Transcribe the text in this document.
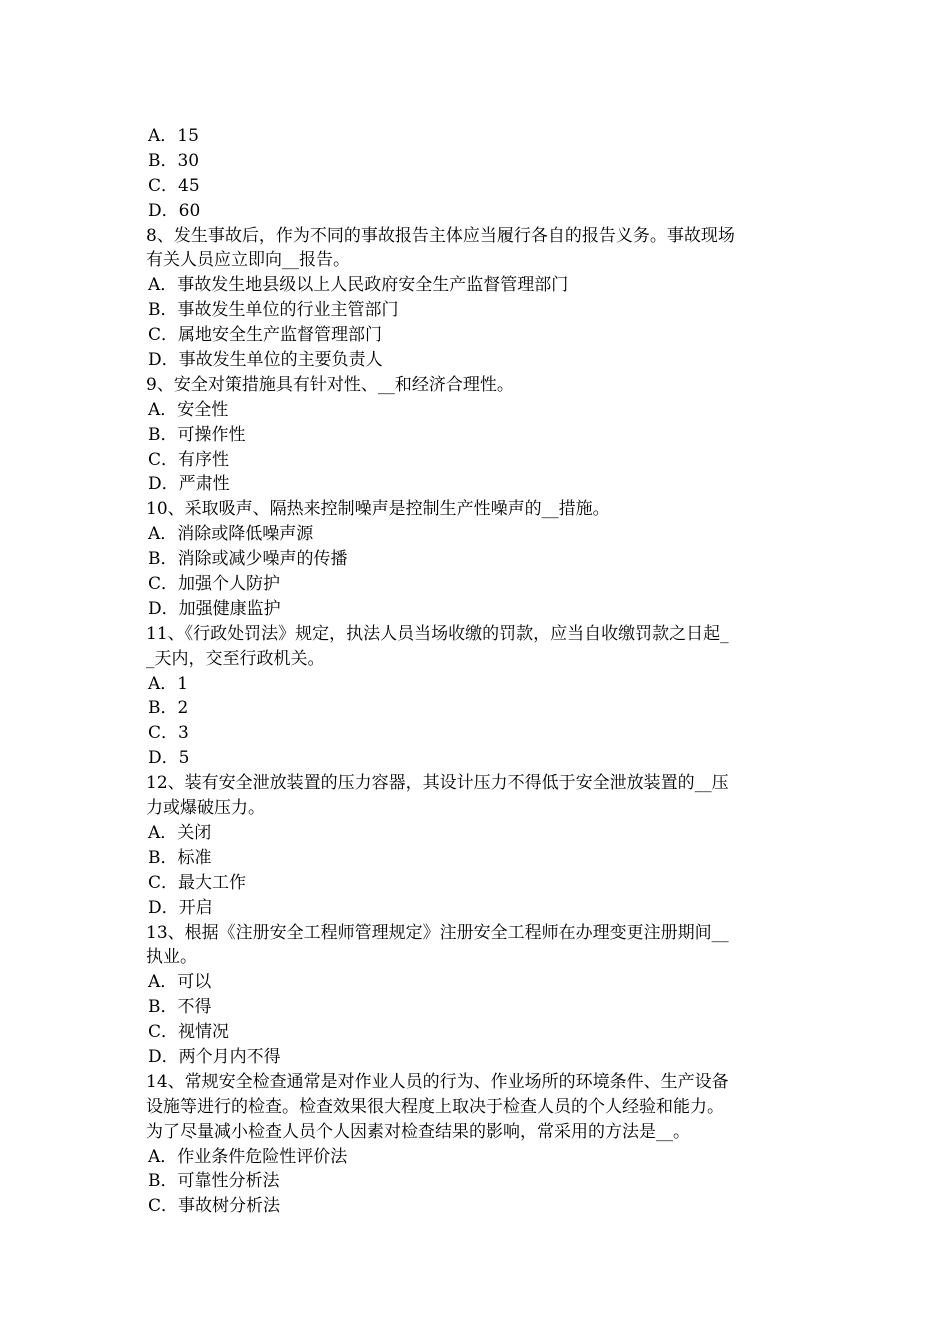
A．15
B．30
C．45
D．60
8、发生事故后，作为不同的事故报告主体应当履行各自的报告义务。事故现场
有关人员应立即向__报告。
A．事故发生地县级以上人民政府安全生产监督管理部门
B．事故发生单位的行业主管部门
C．属地安全生产监督管理部门
D．事故发生单位的主要负责人
9、安全对策措施具有针对性、__和经济合理性。
A．安全性
B．可操作性
C．有序性
D．严肃性
10、采取吸声、隔热来控制噪声是控制生产性噪声的__措施。
A．消除或降低噪声源
B．消除或减少噪声的传播
C．加强个人防护
D．加强健康监护
11、《行政处罚法》规定，执法人员当场收缴的罚款，应当自收缴罚款之日起_
_天内，交至行政机关。
A．1
B．2
C．3
D．5
12、装有安全泄放装置的压力容器，其设计压力不得低于安全泄放装置的__压
力或爆破压力。
A．关闭
B．标准
C．最大工作
D．开启
13、根据《注册安全工程师管理规定》注册安全工程师在办理变更注册期间__
执业。
A．可以
B．不得
C．视情况
D．两个月内不得
14、常规安全检查通常是对作业人员的行为、作业场所的环境条件、生产设备
设施等进行的检查。检查效果很大程度上取决于检查人员的个人经验和能力。
为了尽量减小检查人员个人因素对检查结果的影响，常采用的方法是__。
A．作业条件危险性评价法
B．可靠性分析法
C．事故树分析法
